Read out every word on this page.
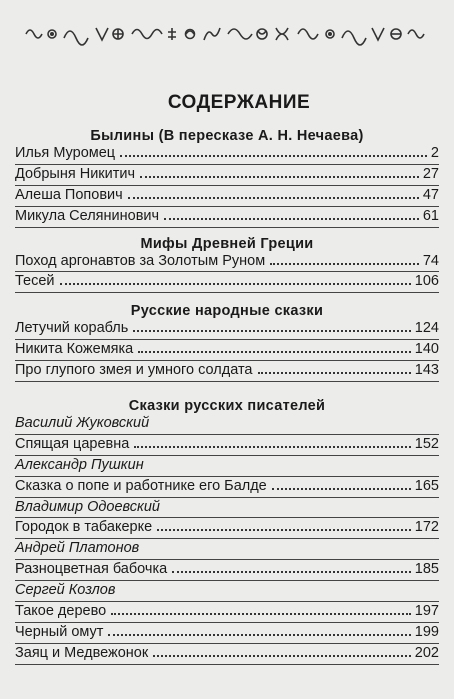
СОДЕРЖАНИЕ
Былины (В пересказе А. Н. Нечаева)
Илья Муромец	2
Добрыня Никитич	27
Алеша Попович	47
Микула Селянинович	61
Мифы Древней Греции
Поход аргонавтов за Золотым Руном	74
Тесей	106
Русские народные сказки
Летучий корабль	124
Никита Кожемяка	140
Про глупого змея и умного солдата	143
Сказки русских писателей
Василий Жуковский
Спящая царевна	152
Александр Пушкин
Сказка о попе и работнике его Балде	165
Владимир Одоевский
Городок в табакерке	172
Андрей Платонов
Разноцветная бабочка	185
Сергей Козлов
Такое дерево	197
Черный омут	199
Заяц и Медвежонок	202
